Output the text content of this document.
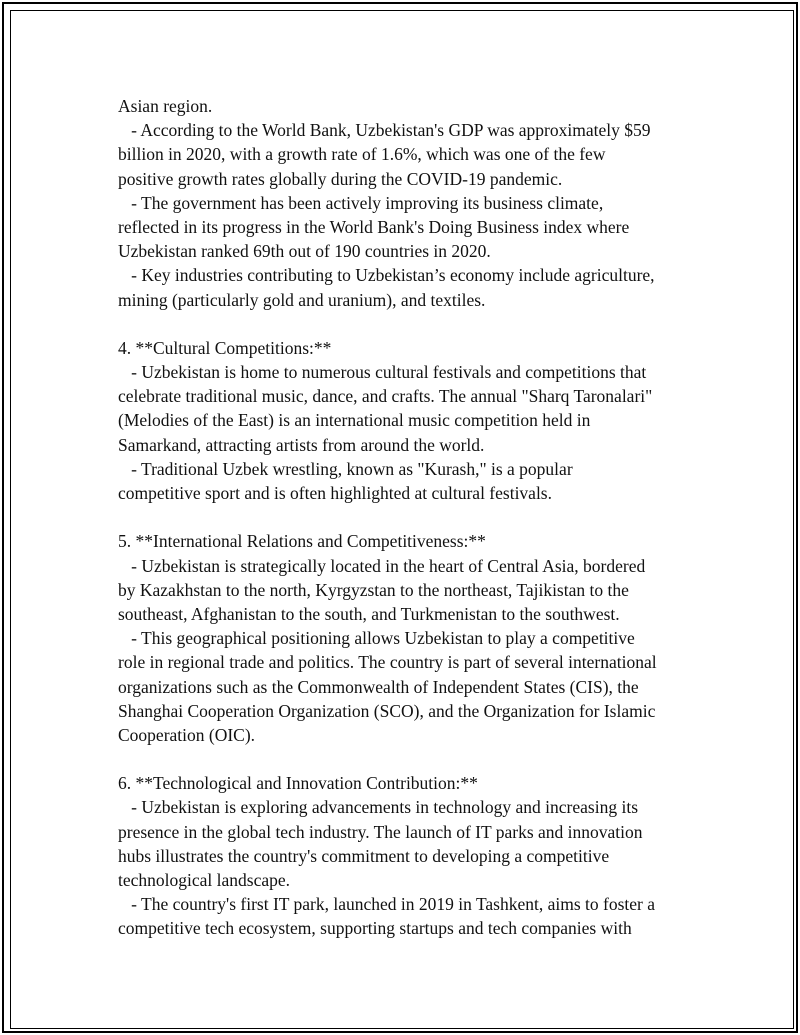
Asian region.
- According to the World Bank, Uzbekistan's GDP was approximately $59
billion in 2020, with a growth rate of 1.6%, which was one of the few
positive growth rates globally during the COVID-19 pandemic.
- The government has been actively improving its business climate,
reflected in its progress in the World Bank's Doing Business index where
Uzbekistan ranked 69th out of 190 countries in 2020.
- Key industries contributing to Uzbekistan’s economy include agriculture,
mining (particularly gold and uranium), and textiles.
4. **Cultural Competitions:**
- Uzbekistan is home to numerous cultural festivals and competitions that
celebrate traditional music, dance, and crafts. The annual "Sharq Taronalari"
(Melodies of the East) is an international music competition held in
Samarkand, attracting artists from around the world.
- Traditional Uzbek wrestling, known as "Kurash," is a popular
competitive sport and is often highlighted at cultural festivals.
5. **International Relations and Competitiveness:**
- Uzbekistan is strategically located in the heart of Central Asia, bordered
by Kazakhstan to the north, Kyrgyzstan to the northeast, Tajikistan to the
southeast, Afghanistan to the south, and Turkmenistan to the southwest.
- This geographical positioning allows Uzbekistan to play a competitive
role in regional trade and politics. The country is part of several international
organizations such as the Commonwealth of Independent States (CIS), the
Shanghai Cooperation Organization (SCO), and the Organization for Islamic
Cooperation (OIC).
6. **Technological and Innovation Contribution:**
- Uzbekistan is exploring advancements in technology and increasing its
presence in the global tech industry. The launch of IT parks and innovation
hubs illustrates the country's commitment to developing a competitive
technological landscape.
- The country's first IT park, launched in 2019 in Tashkent, aims to foster a
competitive tech ecosystem, supporting startups and tech companies with
